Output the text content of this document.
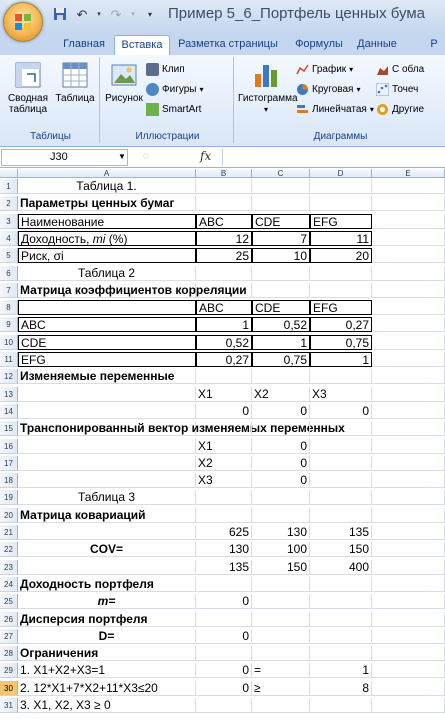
↶	▾ ↷	▾	▾	Пример 5_6_Портфель ценных бума
Главная	Вставка	Разметка страницы	Формулы	Данные	Р
Сводная таблица
Таблица
Таблицы
Рисунок
Клип
Фигуры ▾
SmartArt
Иллюстрации
Гистограмма
▾
График ▾
Круговая ▾
Линейчатая ▾
С обла
Точеч
Другие
Диаграммы
J30	▼	◌	fx
A	B	C	D	E
1	Таблица 1.
2 Параметры ценных бумаг
3 Наименование	ABC	CDE	EFG
4 Доходность, mi (%)	12	7	11
5 Риск, σi	25	10	20
6	Таблица 2
7 Матрица коэффициентов корреляции
8	ABC	CDE	EFG
9 ABC	1	0,52	0,27
10 CDE	0,52	1	0,75
11 EFG	0,27	0,75	1
12 Изменяемые переменные
13	X1	X2	X3
14	0	0	0
15 Транспонированный вектор изменяемых переменных
16	X1	0
17	X2	0
18	X3	0
19	Таблица 3
20 Матрица ковариаций
21	625	130	135
22	COV=	130	100	150
23	135	150	400
24 Доходность портфеля
25	m=	0
26 Дисперсия портфеля
27	D=	0
28 Ограничения
29 1. X1+X2+X3=1	0 =	1
30 2. 12*X1+7*X2+11*X3≤20	0 ≥	8
31 3. X1, X2, X3 ≥ 0
